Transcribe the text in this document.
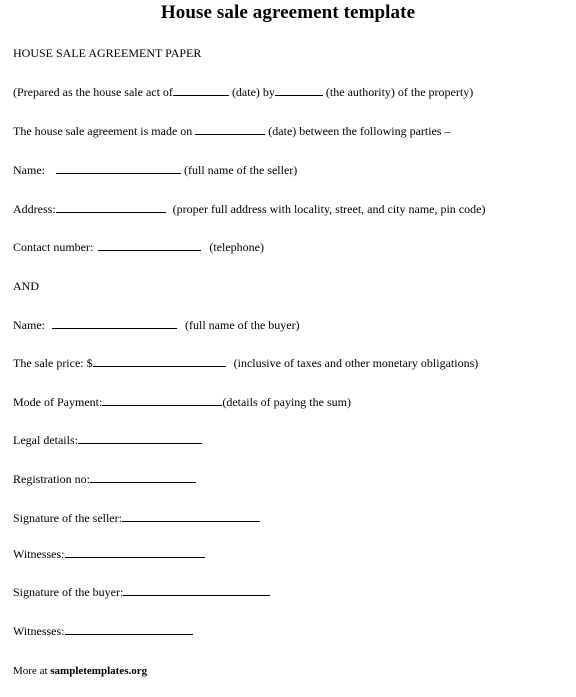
House sale agreement template
HOUSE SALE AGREEMENT PAPER
(Prepared as the house sale act of	(date) by	(the authority) of the property)
The house sale agreement is made on	(date) between the following parties –
Name:	(full name of the seller)
Address:	(proper full address with locality, street, and city name, pin code)
Contact number:	(telephone)
AND
Name:	(full name of the buyer)
The sale price: $	(inclusive of taxes and other monetary obligations)
Mode of Payment:	(details of paying the sum)
Legal details:
Registration no:
Signature of the seller:
Witnesses:
Signature of the buyer:
Witnesses:
More at sampletemplates.org
